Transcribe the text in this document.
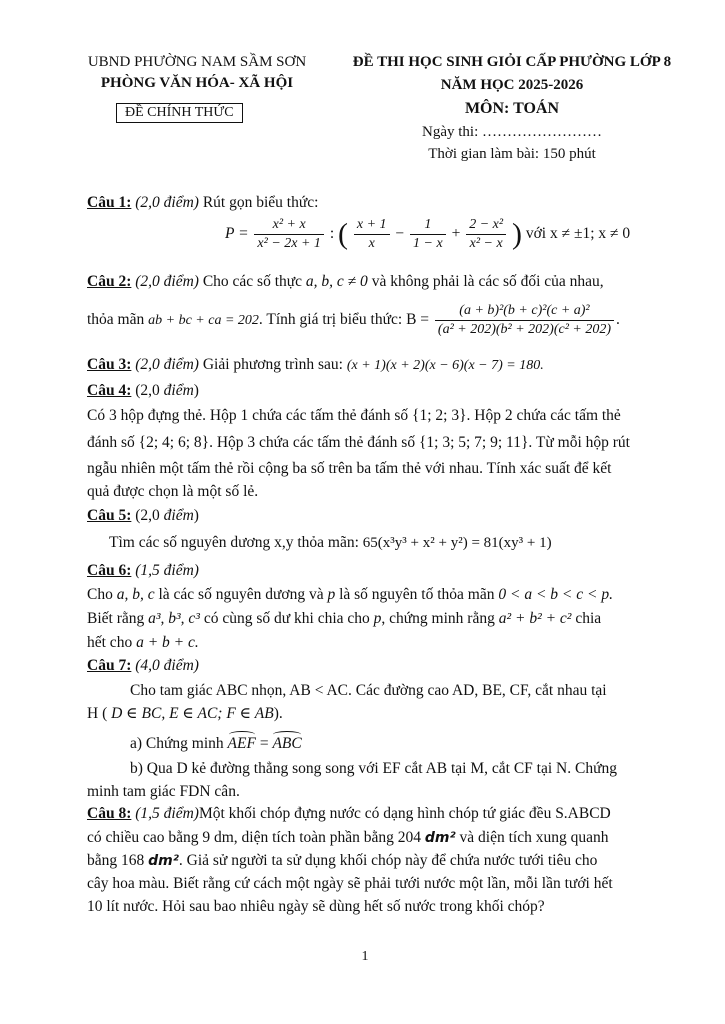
UBND PHƯỜNG NAM SẦM SƠN
PHÒNG VĂN HÓA- XÃ HỘI
ĐỀ CHÍNH THỨC
ĐỀ THI HỌC SINH GIỎI CẤP PHƯỜNG LỚP 8
NĂM HỌC 2025-2026
MÔN: TOÁN
Ngày thi: ……………………
Thời gian làm bài: 150 phút
Câu 1: (2,0 điểm) Rút gọn biểu thức:
$P = \frac{\text{x² + x}}{\text{x² − 2x + 1}}$ : ( $\frac{x + 1}{x} - \frac{1}{1 - x} + \frac{\text{2 − x²}}{\text{x² − x}}$ ) với x ≠ ±1; x ≠ 0
Câu 2: (2,0 điểm) Cho các số thực a, b, c ≠ 0 và không phải là các số đối của nhau,
thỏa mãn ab + bc + ca = 202. Tính giá trị biểu thức: $B = \frac{\text{(a + b)²(b + c)²(c + a)²}}{\text{(a² + 202)(b² + 202)(c² + 202)}}$ .
Câu 3: (2,0 điểm) Giải phương trình sau: (x + 1)(x + 2)(x − 6)(x − 7) = 180.
Câu 4: (2,0 điểm)
Có 3 hộp đựng thẻ. Hộp 1 chứa các tấm thẻ đánh số {1; 2; 3}. Hộp 2 chứa các tấm thẻ
đánh số {2; 4; 6; 8}. Hộp 3 chứa các tấm thẻ đánh số {1; 3; 5; 7; 9; 11}. Từ mỗi hộp rút
ngẫu nhiên một tấm thẻ rồi cộng ba số trên ba tấm thẻ với nhau. Tính xác suất để kết
quả được chọn là một số lẻ.
Câu 5: (2,0 điểm)
Tìm các số nguyên dương x,y thỏa mãn: 65(x³y³ + x² + y²) = 81(xy³ + 1)
Câu 6: (1,5 điểm)
Cho a, b, c là các số nguyên dương và p là số nguyên tố thỏa mãn 0 < a < b < c < p.
Biết rằng a³, b³, c³ có cùng số dư khi chia cho p, chứng minh rằng a² + b² + c² chia
hết cho a + b + c.
Câu 7: (4,0 điểm)
Cho tam giác ABC nhọn, AB < AC. Các đường cao AD, BE, CF, cắt nhau tại
H ( D ∈ BC, E ∈ AC; F ∈ AB).
a) Chứng minh AEF = ABC
b) Qua D kẻ đường thẳng song song với EF cắt AB tại M, cắt CF tại N. Chứng
minh tam giác FDN cân.
Câu 8: (1,5 điểm)Một khối chóp đựng nước có dạng hình chóp tứ giác đều S.ABCD
có chiều cao bằng 9 dm, diện tích toàn phần bằng 204 dm² và diện tích xung quanh
bằng 168 dm². Giả sử người ta sử dụng khối chóp này để chứa nước tưới tiêu cho
cây hoa màu. Biết rằng cứ cách một ngày sẽ phải tưới nước một lần, mỗi lần tưới hết
10 lít nước. Hỏi sau bao nhiêu ngày sẽ dùng hết số nước trong khối chóp?
1
